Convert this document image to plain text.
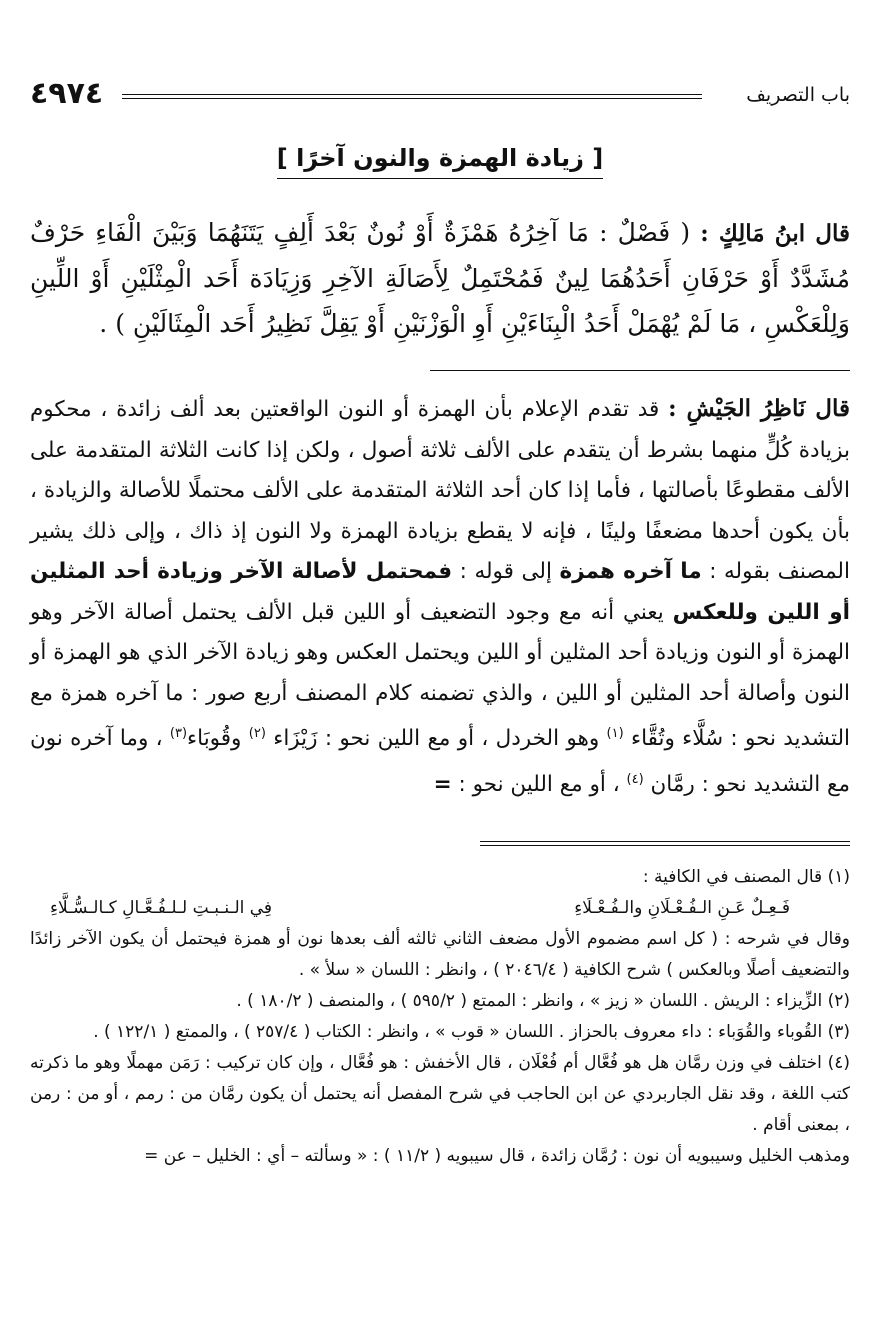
٤٩٧٤	باب التصريف
[ زيادة الهمزة والنون آخرًا ]
قال ابنُ مَالِكٍ : ( فَصْلٌ : مَا آخِرُهُ هَمْزَةٌ أَوْ نُونٌ بَعْدَ أَلِفٍ يَتَنَهُمَا وَبَيْنَ الْفَاءِ حَرْفٌ مُشَدَّدٌ أَوْ حَرْفَانِ أَحَدُهُمَا لِينٌ فَمُحْتَمِلٌ لِأَصَالَةِ الآخِرِ وَزِيَادَة أَحَد الْمِثْلَيْنِ أَوْ اللِّينِ وَلِلْعَكْسِ ، مَا لَمْ يُهْمَلْ أَحَدُ الْبِنَاءَيْنِ أَوِ الْوَزْنَيْنِ أَوْ يَقِلَّ نَظِيرُ أَحَد الْمِثَالَيْنِ ) .
قال نَاظِرُ الجَيْشِ : قد تقدم الإعلام بأن الهمزة أو النون الواقعتين بعد ألف زائدة ، محكوم بزيادة كُلٍّ منهما بشرط أن يتقدم على الألف ثلاثة أصول ، ولكن إذا كانت الثلاثة المتقدمة على الألف مقطوعًا بأصالتها ، فأما إذا كان أحد الثلاثة المتقدمة على الألف محتملًا للأصالة والزيادة ، بأن يكون أحدها مضعفًا ولينًا ، فإنه لا يقطع بزيادة الهمزة ولا النون إذ ذاك ، وإلى ذلك يشير المصنف بقوله : ما آخره همزة إلى قوله : فمحتمل لأصالة الآخر وزيادة أحد المثلين أو اللين وللعكس يعني أنه مع وجود التضعيف أو اللين قبل الألف يحتمل أصالة الآخر وهو الهمزة أو النون وزيادة أحد المثلين أو اللين ويحتمل العكس وهو زيادة الآخر الذي هو الهمزة أو النون وأصالة أحد المثلين أو اللين ، والذي تضمنه كلام المصنف أربع صور : ما آخره همزة مع التشديد نحو : سُلَّاء وتُقَّاء $^{(١)}$ وهو الخردل ، أو مع اللين نحو : زَيْزَاء $^{(٢)}$ وقُوبَاء$^{(٣)}$ ، وما آخره نون مع التشديد نحو : رمَّان $^{(٤)}$ ، أو مع اللين نحو : =

(١) قال المصنف في الكافية :

فَـعِـلٌ عَـنِ الـفُـعْـلَانِ والـفُـعْـلَاءِ
فِي الـنـبـتِ لـلـفُـعَّـالِ كـالـسُّـلَّاءِ

وقال في شرحه : ( كل اسم مضموم الأول مضعف الثاني ثالثه ألف بعدها نون أو همزة فيحتمل أن يكون الآخر زائدًا والتضعيف أصلًا وبالعكس ) شرح الكافية ( ٢٠٤٦/٤ ) ، وانظر : اللسان « سلأ » .

(٢) الزِّيزاء : الريش . اللسان « زيز » ، وانظر : الممتع ( ٥٩٥/٢ ) ، والمنصف ( ١٨٠/٢ ) .

(٣) القُوباء والقُوَباء : داء معروف بالحزاز . اللسان « قوب » ، وانظر : الكتاب ( ٢٥٧/٤ ) ، والممتع ( ١٢٢/١ ) .

(٤) اختلف في وزن رمَّان هل هو فُعَّال أم فُعْلَان ، قال الأخفش : هو فُعَّال ، وإن كان تركيب : رَمَن مهملًا وهو ما ذكرته كتب اللغة ، وقد نقل الجاربردي عن ابن الحاجب في شرح المفصل أنه يحتمل أن يكون رمَّان من : رمم ، أو من : رمن ، بمعنى أقام .

ومذهب الخليل وسيبويه أن نون : رُمَّان زائدة ، قال سيبويه ( ١١/٢ ) : « وسألته – أي : الخليل – عن =
